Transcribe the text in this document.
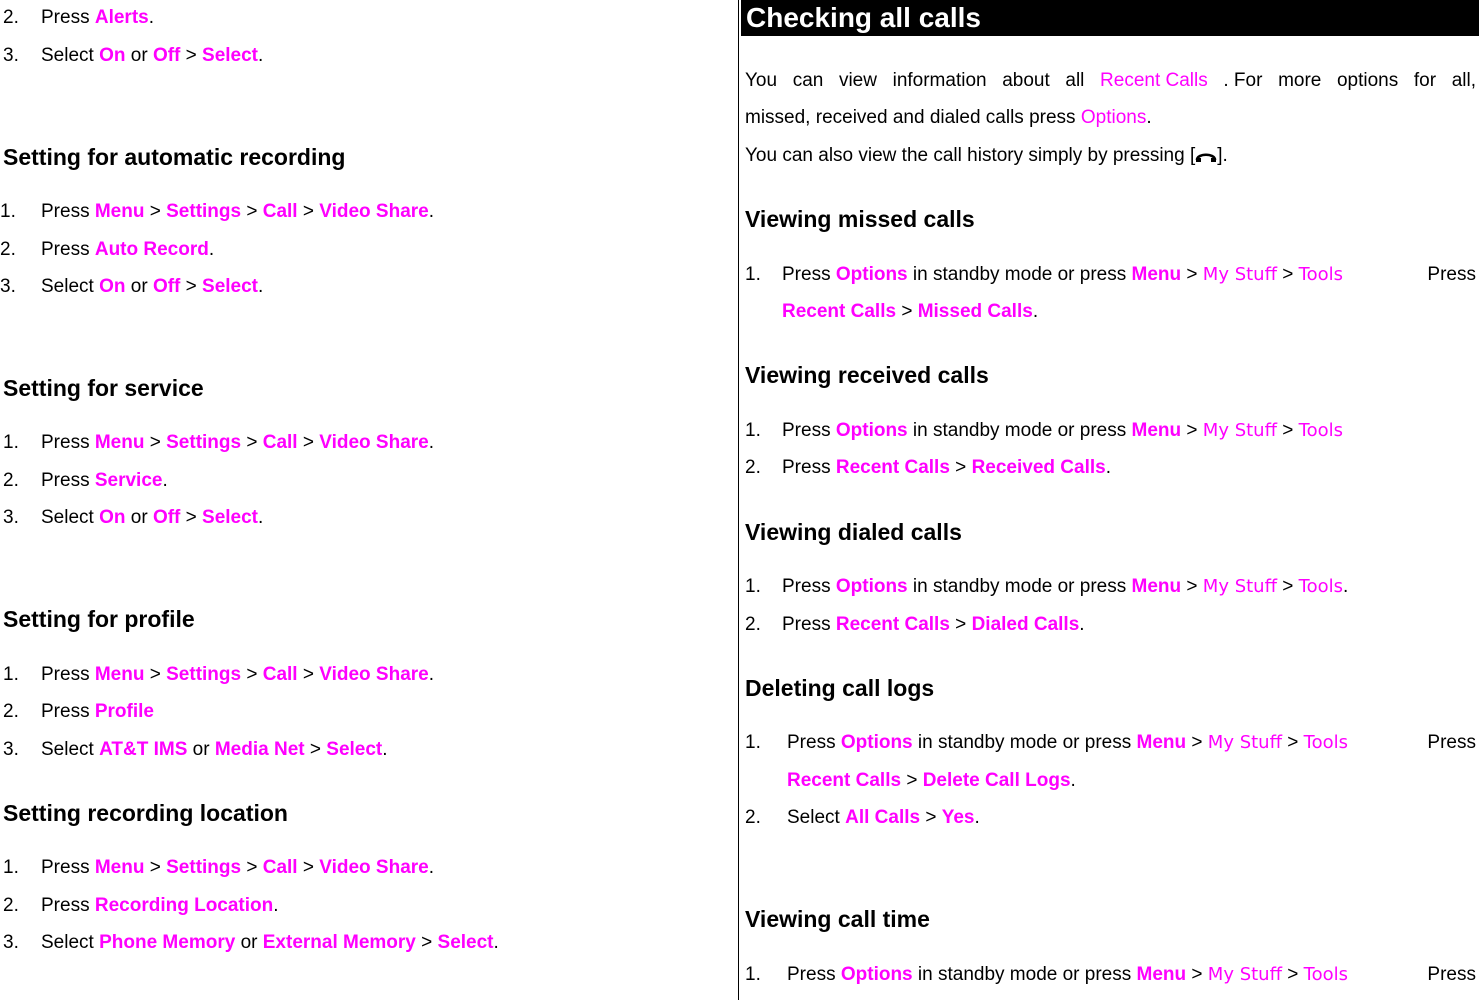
2. Press Alerts.
3. Select On or Off > Select.
Setting for automatic recording
1. Press Menu > Settings > Call > Video Share.
2. Press Auto Record.
3. Select On or Off > Select.
Setting for service
1. Press Menu > Settings > Call > Video Share.
2. Press Service.
3. Select On or Off > Select.
Setting for profile
1. Press Menu > Settings > Call > Video Share.
2. Press Profile
3. Select AT&T IMS or Media Net > Select.
Setting recording location
1. Press Menu > Settings > Call > Video Share.
2. Press Recording Location.
3. Select Phone Memory or External Memory > Select.
Checking all calls
You can view information about all Recent Calls . For more options for all,
missed, received and dialed calls press Options.
You can also view the call history simply by pressing [ ].
Viewing missed calls
1. Press Options in standby mode or press Menu > My Stuff > Tools	Press
Recent Calls > Missed Calls.
Viewing received calls
1. Press Options in standby mode or press Menu > My Stuff > Tools
2. Press Recent Calls > Received Calls.
Viewing dialed calls
1. Press Options in standby mode or press Menu > My Stuff > Tools.
2. Press Recent Calls > Dialed Calls.
Deleting call logs
1. Press Options in standby mode or press Menu > My Stuff > Tools	Press
Recent Calls > Delete Call Logs.
2. Select All Calls > Yes.
Viewing call time
1. Press Options in standby mode or press Menu > My Stuff > Tools	Press
